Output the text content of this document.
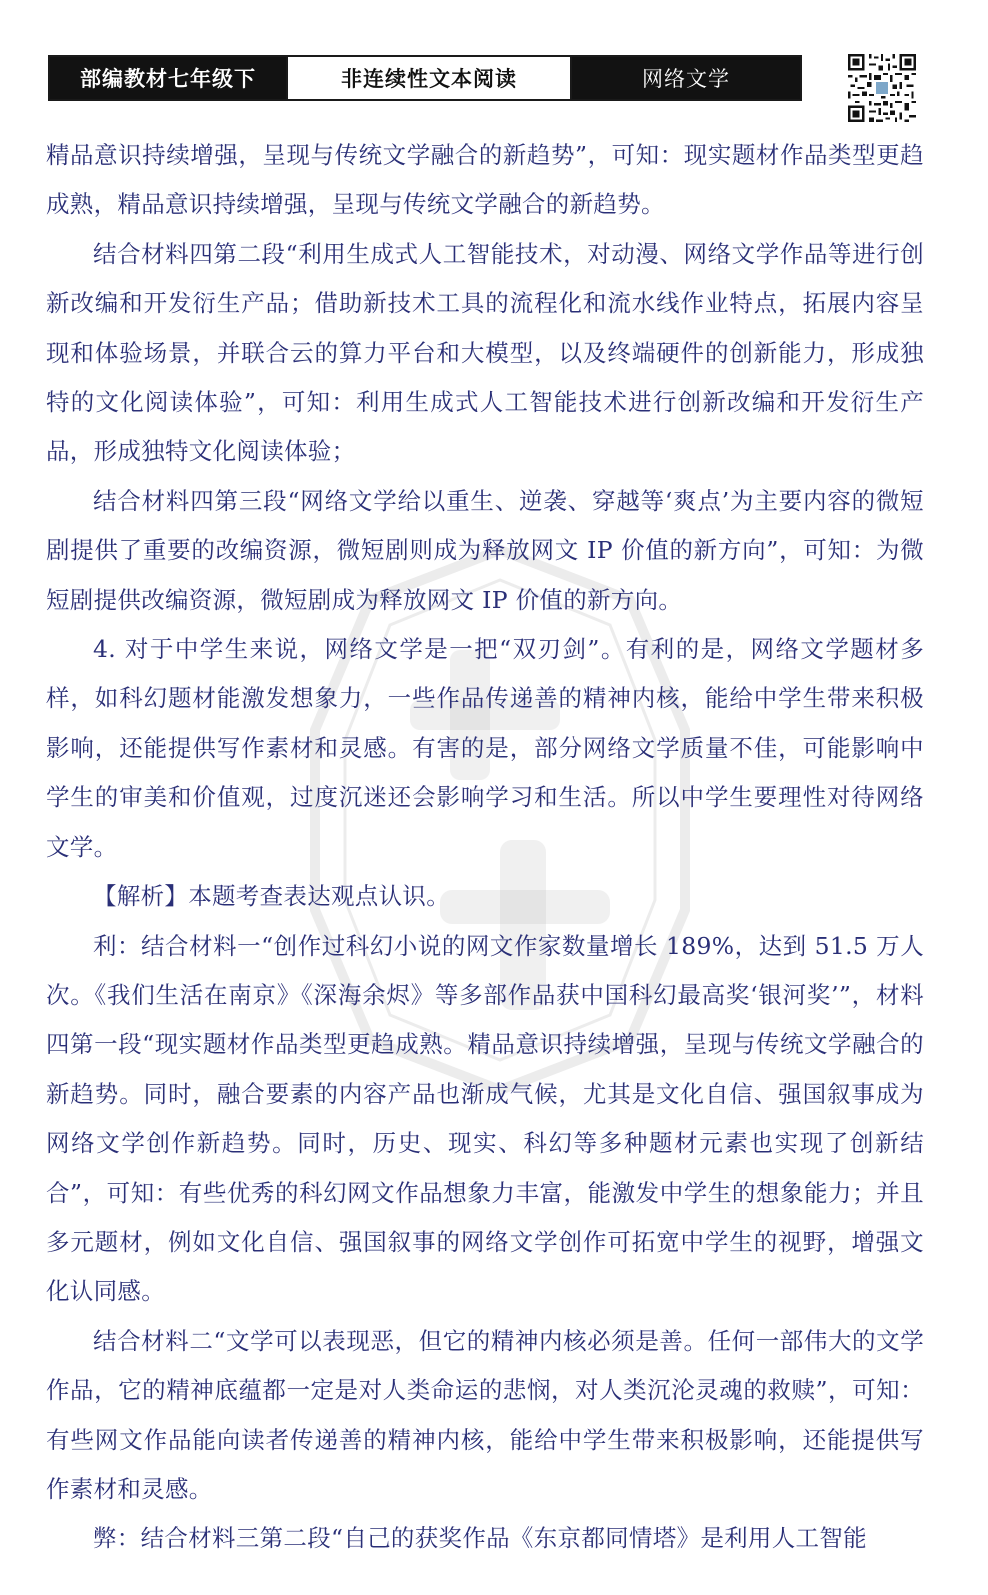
部编教材七年级下	非连续性文本阅读	网络文学

精品意识持续增强，呈现与传统文学融合的新趋势”，可知：现实题材作品类型更趋成熟，精品意识持续增强，呈现与传统文学融合的新趋势。

结合材料四第二段“利用生成式人工智能技术，对动漫、网络文学作品等进行创新改编和开发衍生产品；借助新技术工具的流程化和流水线作业特点，拓展内容呈现和体验场景，并联合云的算力平台和大模型，以及终端硬件的创新能力，形成独特的文化阅读体验”，可知：利用生成式人工智能技术进行创新改编和开发衍生产品，形成独特文化阅读体验；

结合材料四第三段“网络文学给以重生、逆袭、穿越等‘爽点’为主要内容的微短剧提供了重要的改编资源，微短剧则成为释放网文 IP 价值的新方向”，可知：为微短剧提供改编资源，微短剧成为释放网文 IP 价值的新方向。

4. 对于中学生来说，网络文学是一把“双刃剑”。有利的是，网络文学题材多样，如科幻题材能激发想象力，一些作品传递善的精神内核，能给中学生带来积极影响，还能提供写作素材和灵感。有害的是，部分网络文学质量不佳，可能影响中学生的审美和价值观，过度沉迷还会影响学习和生活。所以中学生要理性对待网络文学。

【解析】本题考查表达观点认识。

利：结合材料一“创作过科幻小说的网文作家数量增长 189%，达到 51.5 万人次。《我们生活在南京》《深海余烬》等多部作品获中国科幻最高奖‘银河奖’”，材料四第一段“现实题材作品类型更趋成熟。精品意识持续增强，呈现与传统文学融合的新趋势。同时，融合要素的内容产品也渐成气候，尤其是文化自信、强国叙事成为网络文学创作新趋势。同时，历史、现实、科幻等多种题材元素也实现了创新结合”，可知：有些优秀的科幻网文作品想象力丰富，能激发中学生的想象能力；并且多元题材，例如文化自信、强国叙事的网络文学创作可拓宽中学生的视野，增强文化认同感。

结合材料二“文学可以表现恶，但它的精神内核必须是善。任何一部伟大的文学作品，它的精神底蕴都一定是对人类命运的悲悯，对人类沉沦灵魂的救赎”，可知：有些网文作品能向读者传递善的精神内核，能给中学生带来积极影响，还能提供写作素材和灵感。

弊：结合材料三第二段“自己的获奖作品《东京都同情塔》是利用人工智能
